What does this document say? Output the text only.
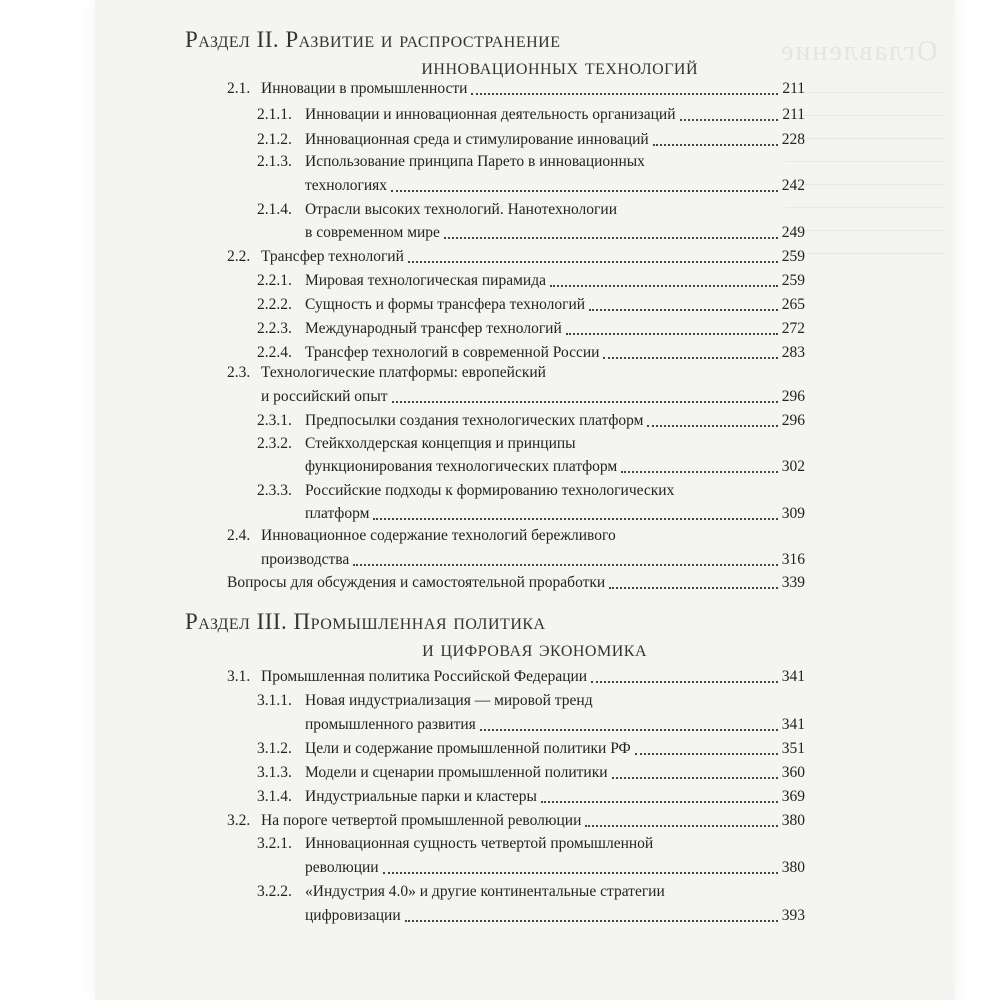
Оглавление
Раздел II. Развитие и распространение
инновационных технологий
2.1. Инновации в промышленности	211
2.1.1. Инновации и инновационная деятельность организаций	211
2.1.2. Инновационная среда и стимулирование инноваций	228
2.1.3. Использование принципа Парето в инновационных
технологиях	242
2.1.4. Отрасли высоких технологий. Нанотехнологии
в современном мире	249
2.2. Трансфер технологий	259
2.2.1. Мировая технологическая пирамида	259
2.2.2. Сущность и формы трансфера технологий	265
2.2.3. Международный трансфер технологий	272
2.2.4. Трансфер технологий в современной России	283
2.3. Технологические платформы: европейский
и российский опыт	296
2.3.1. Предпосылки создания технологических платформ	296
2.3.2. Стейкхолдерская концепция и принципы
функционирования технологических платформ	302
2.3.3. Российские подходы к формированию технологических
платформ	309
2.4. Инновационное содержание технологий бережливого
производства	316
Вопросы для обсуждения и самостоятельной проработки	339
Раздел III. Промышленная политика
и цифровая экономика
3.1. Промышленная политика Российской Федерации	341
3.1.1. Новая индустриализация — мировой тренд
промышленного развития	341
3.1.2. Цели и содержание промышленной политики РФ	351
3.1.3. Модели и сценарии промышленной политики	360
3.1.4. Индустриальные парки и кластеры	369
3.2. На пороге четвертой промышленной революции	380
3.2.1. Инновационная сущность четвертой промышленной
революции	380
3.2.2. «Индустрия 4.0» и другие континентальные стратегии
цифровизации	393
